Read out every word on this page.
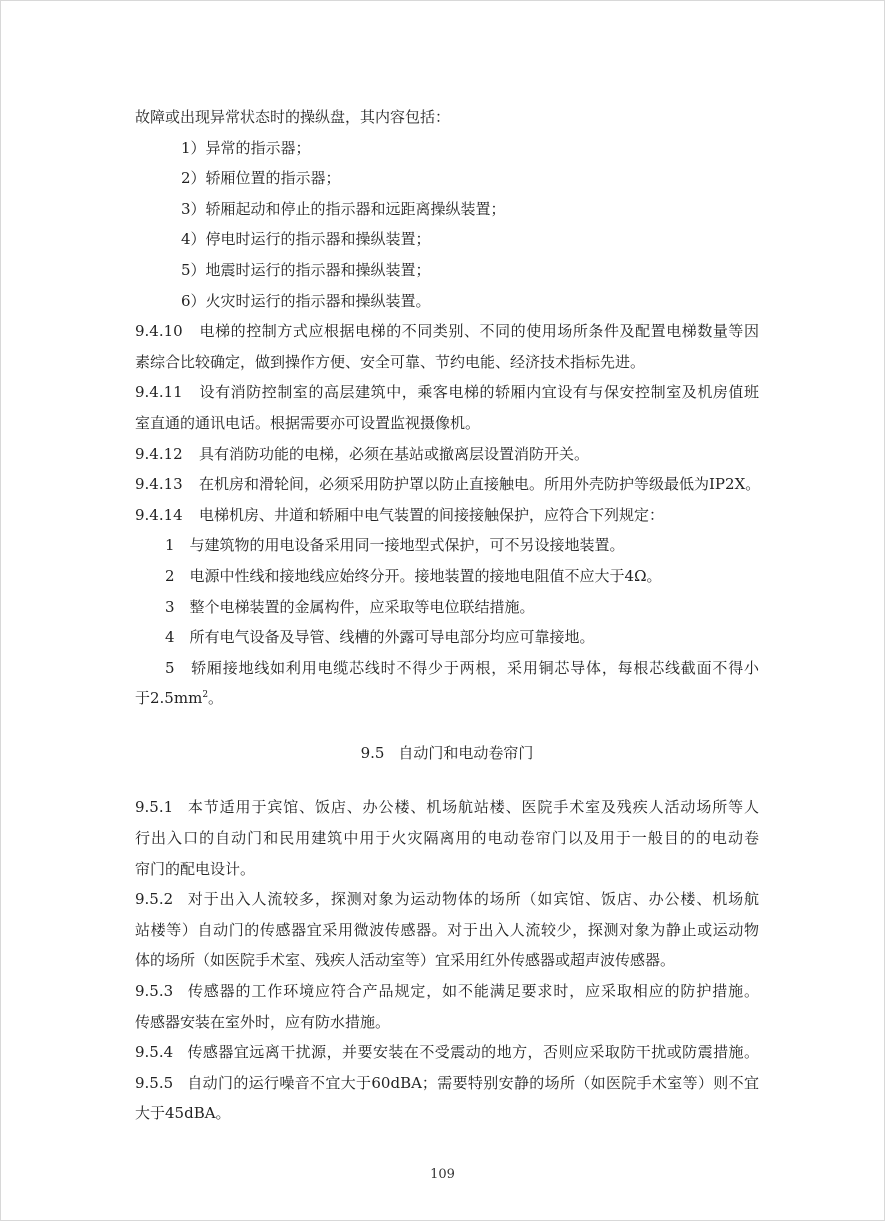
故障或出现异常状态时的操纵盘，其内容包括：
1）异常的指示器；
2）轿厢位置的指示器；
3）轿厢起动和停止的指示器和远距离操纵装置；
4）停电时运行的指示器和操纵装置；
5）地震时运行的指示器和操纵装置；
6）火灾时运行的指示器和操纵装置。
9.4.10 电梯的控制方式应根据电梯的不同类别、不同的使用场所条件及配置电梯数量等因
素综合比较确定，做到操作方便、安全可靠、节约电能、经济技术指标先进。
9.4.11 设有消防控制室的高层建筑中，乘客电梯的轿厢内宜设有与保安控制室及机房值班
室直通的通讯电话。根据需要亦可设置监视摄像机。
9.4.12 具有消防功能的电梯，必须在基站或撤离层设置消防开关。
9.4.13 在机房和滑轮间，必须采用防护罩以防止直接触电。所用外壳防护等级最低为IP2X。
9.4.14 电梯机房、井道和轿厢中电气装置的间接接触保护，应符合下列规定：
1　与建筑物的用电设备采用同一接地型式保护，可不另设接地装置。
2　电源中性线和接地线应始终分开。接地装置的接地电阻值不应大于4Ω。
3　整个电梯装置的金属构件，应采取等电位联结措施。
4　所有电气设备及导管、线槽的外露可导电部分均应可靠接地。
5　轿厢接地线如利用电缆芯线时不得少于两根，采用铜芯导体，每根芯线截面不得小
于$2.5mm^2$。
9.5 自动门和电动卷帘门
9.5.1 本节适用于宾馆、饭店、办公楼、机场航站楼、医院手术室及残疾人活动场所等人
行出入口的自动门和民用建筑中用于火灾隔离用的电动卷帘门以及用于一般目的的电动卷
帘门的配电设计。
9.5.2 对于出入人流较多，探测对象为运动物体的场所（如宾馆、饭店、办公楼、机场航
站楼等）自动门的传感器宜采用微波传感器。对于出入人流较少，探测对象为静止或运动物
体的场所（如医院手术室、残疾人活动室等）宜采用红外传感器或超声波传感器。
9.5.3 传感器的工作环境应符合产品规定，如不能满足要求时，应采取相应的防护措施。
传感器安装在室外时，应有防水措施。
9.5.4 传感器宜远离干扰源，并要安装在不受震动的地方，否则应采取防干扰或防震措施。
9.5.5 自动门的运行噪音不宜大于60dBA；需要特别安静的场所（如医院手术室等）则不宜
大于45dBA。
109
